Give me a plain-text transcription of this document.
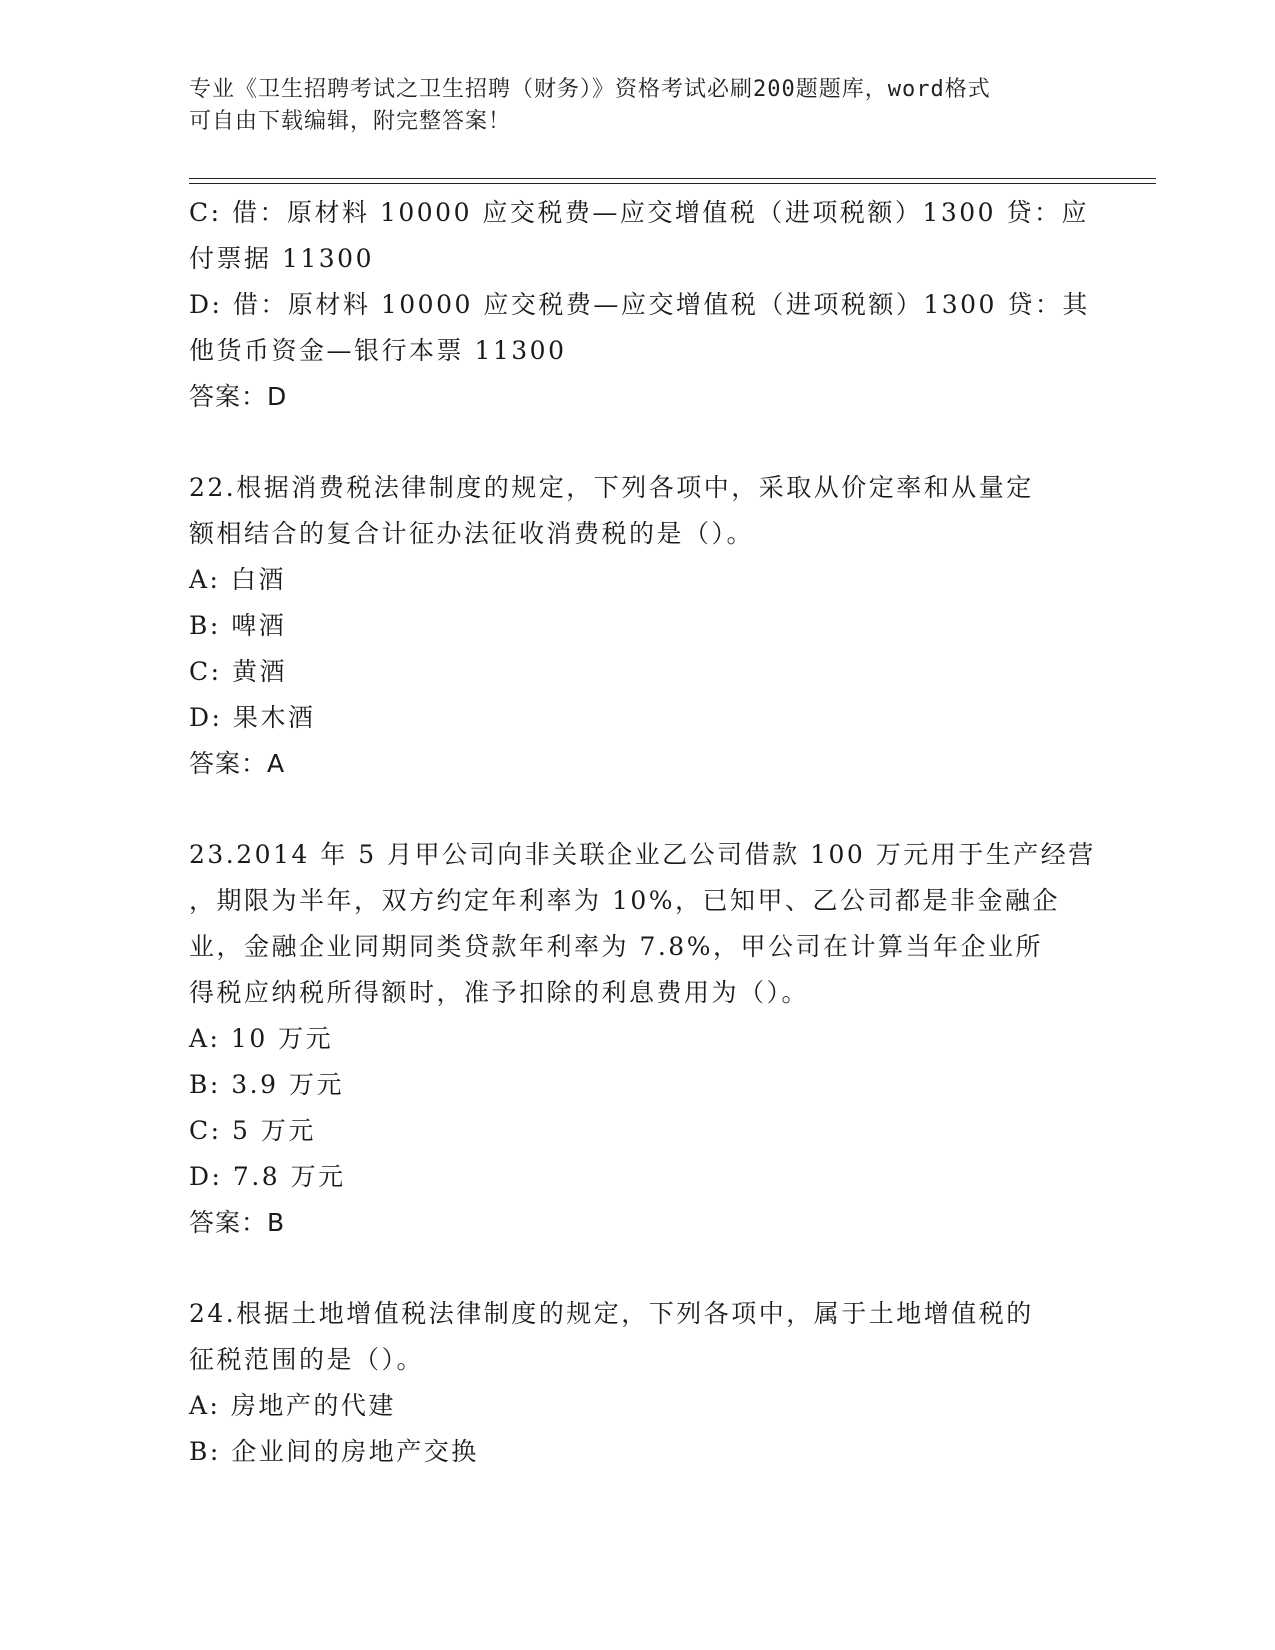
专业《卫生招聘考试之卫生招聘（财务）》资格考试必刷200题题库，word格式
可自由下载编辑，附完整答案！
C: 借：原材料 10000 应交税费—应交增值税（进项税额）1300 贷：应
付票据 11300
D: 借：原材料 10000 应交税费—应交增值税（进项税额）1300 贷：其
他货币资金—银行本票 11300
答案：D
22.根据消费税法律制度的规定，下列各项中，采取从价定率和从量定
额相结合的复合计征办法征收消费税的是（）。
A: 白酒
B: 啤酒
C: 黄酒
D: 果木酒
答案：A
23.2014 年 5 月甲公司向非关联企业乙公司借款 100 万元用于生产经营
，期限为半年，双方约定年利率为 10%，已知甲、乙公司都是非金融企
业，金融企业同期同类贷款年利率为 7.8%，甲公司在计算当年企业所
得税应纳税所得额时，准予扣除的利息费用为（）。
A: 10 万元
B: 3.9 万元
C: 5 万元
D: 7.8 万元
答案：B
24.根据土地增值税法律制度的规定，下列各项中，属于土地增值税的
征税范围的是（）。
A: 房地产的代建
B: 企业间的房地产交换
